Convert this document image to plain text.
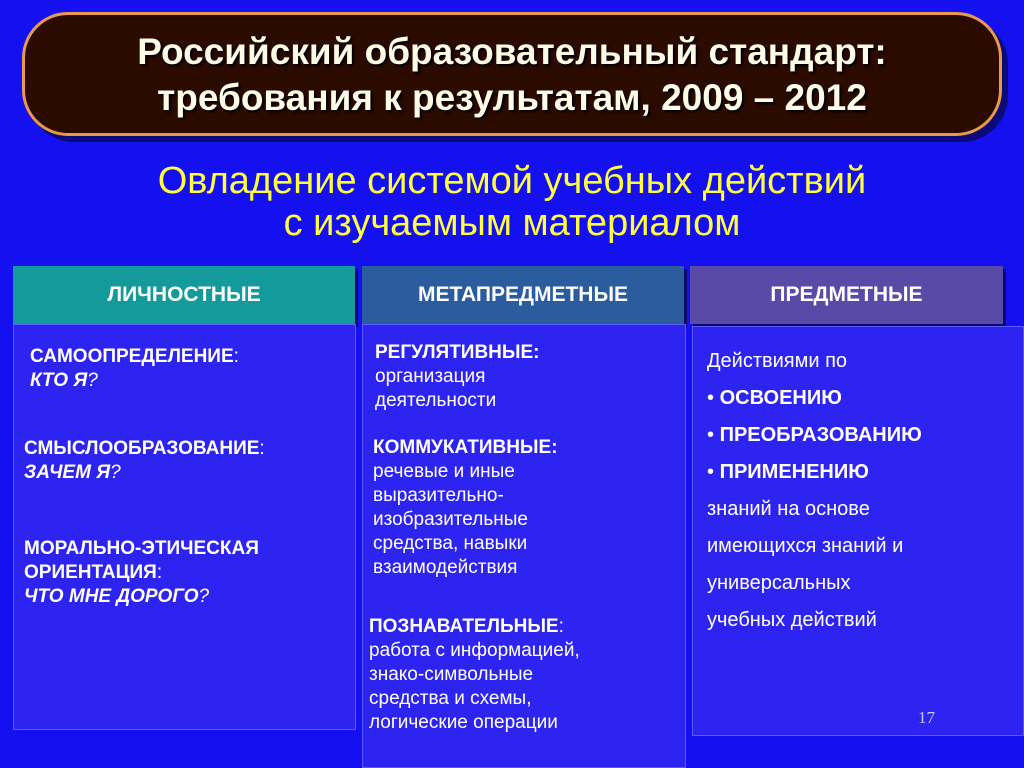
Российский образовательный стандарт:
требования к результатам, 2009 – 2012
Овладение системой учебных действий
с изучаемым материалом
ЛИЧНОСТНЫЕ	МЕТАПРЕДМЕТНЫЕ	ПРЕДМЕТНЫЕ
САМООПРЕДЕЛЕНИЕ:
КТО Я?
СМЫСЛООБРАЗОВАНИЕ:
ЗАЧЕМ Я?
МОРАЛЬНО-ЭТИЧЕСКАЯ
ОРИЕНТАЦИЯ:
ЧТО МНЕ ДОРОГО?
РЕГУЛЯТИВНЫЕ:
организация
деятельности
КОММУКАТИВНЫЕ:
речевые и иные
выразительно-
изобразительные
средства, навыки
взаимодействия
ПОЗНАВАТЕЛЬНЫЕ:
работа с информацией,
знако-символьные
средства и схемы,
логические операции
Действиями по
• ОСВОЕНИЮ
• ПРЕОБРАЗОВАНИЮ
• ПРИМЕНЕНИЮ
знаний на основе
имеющихся знаний и
универсальных
учебных действий
17
